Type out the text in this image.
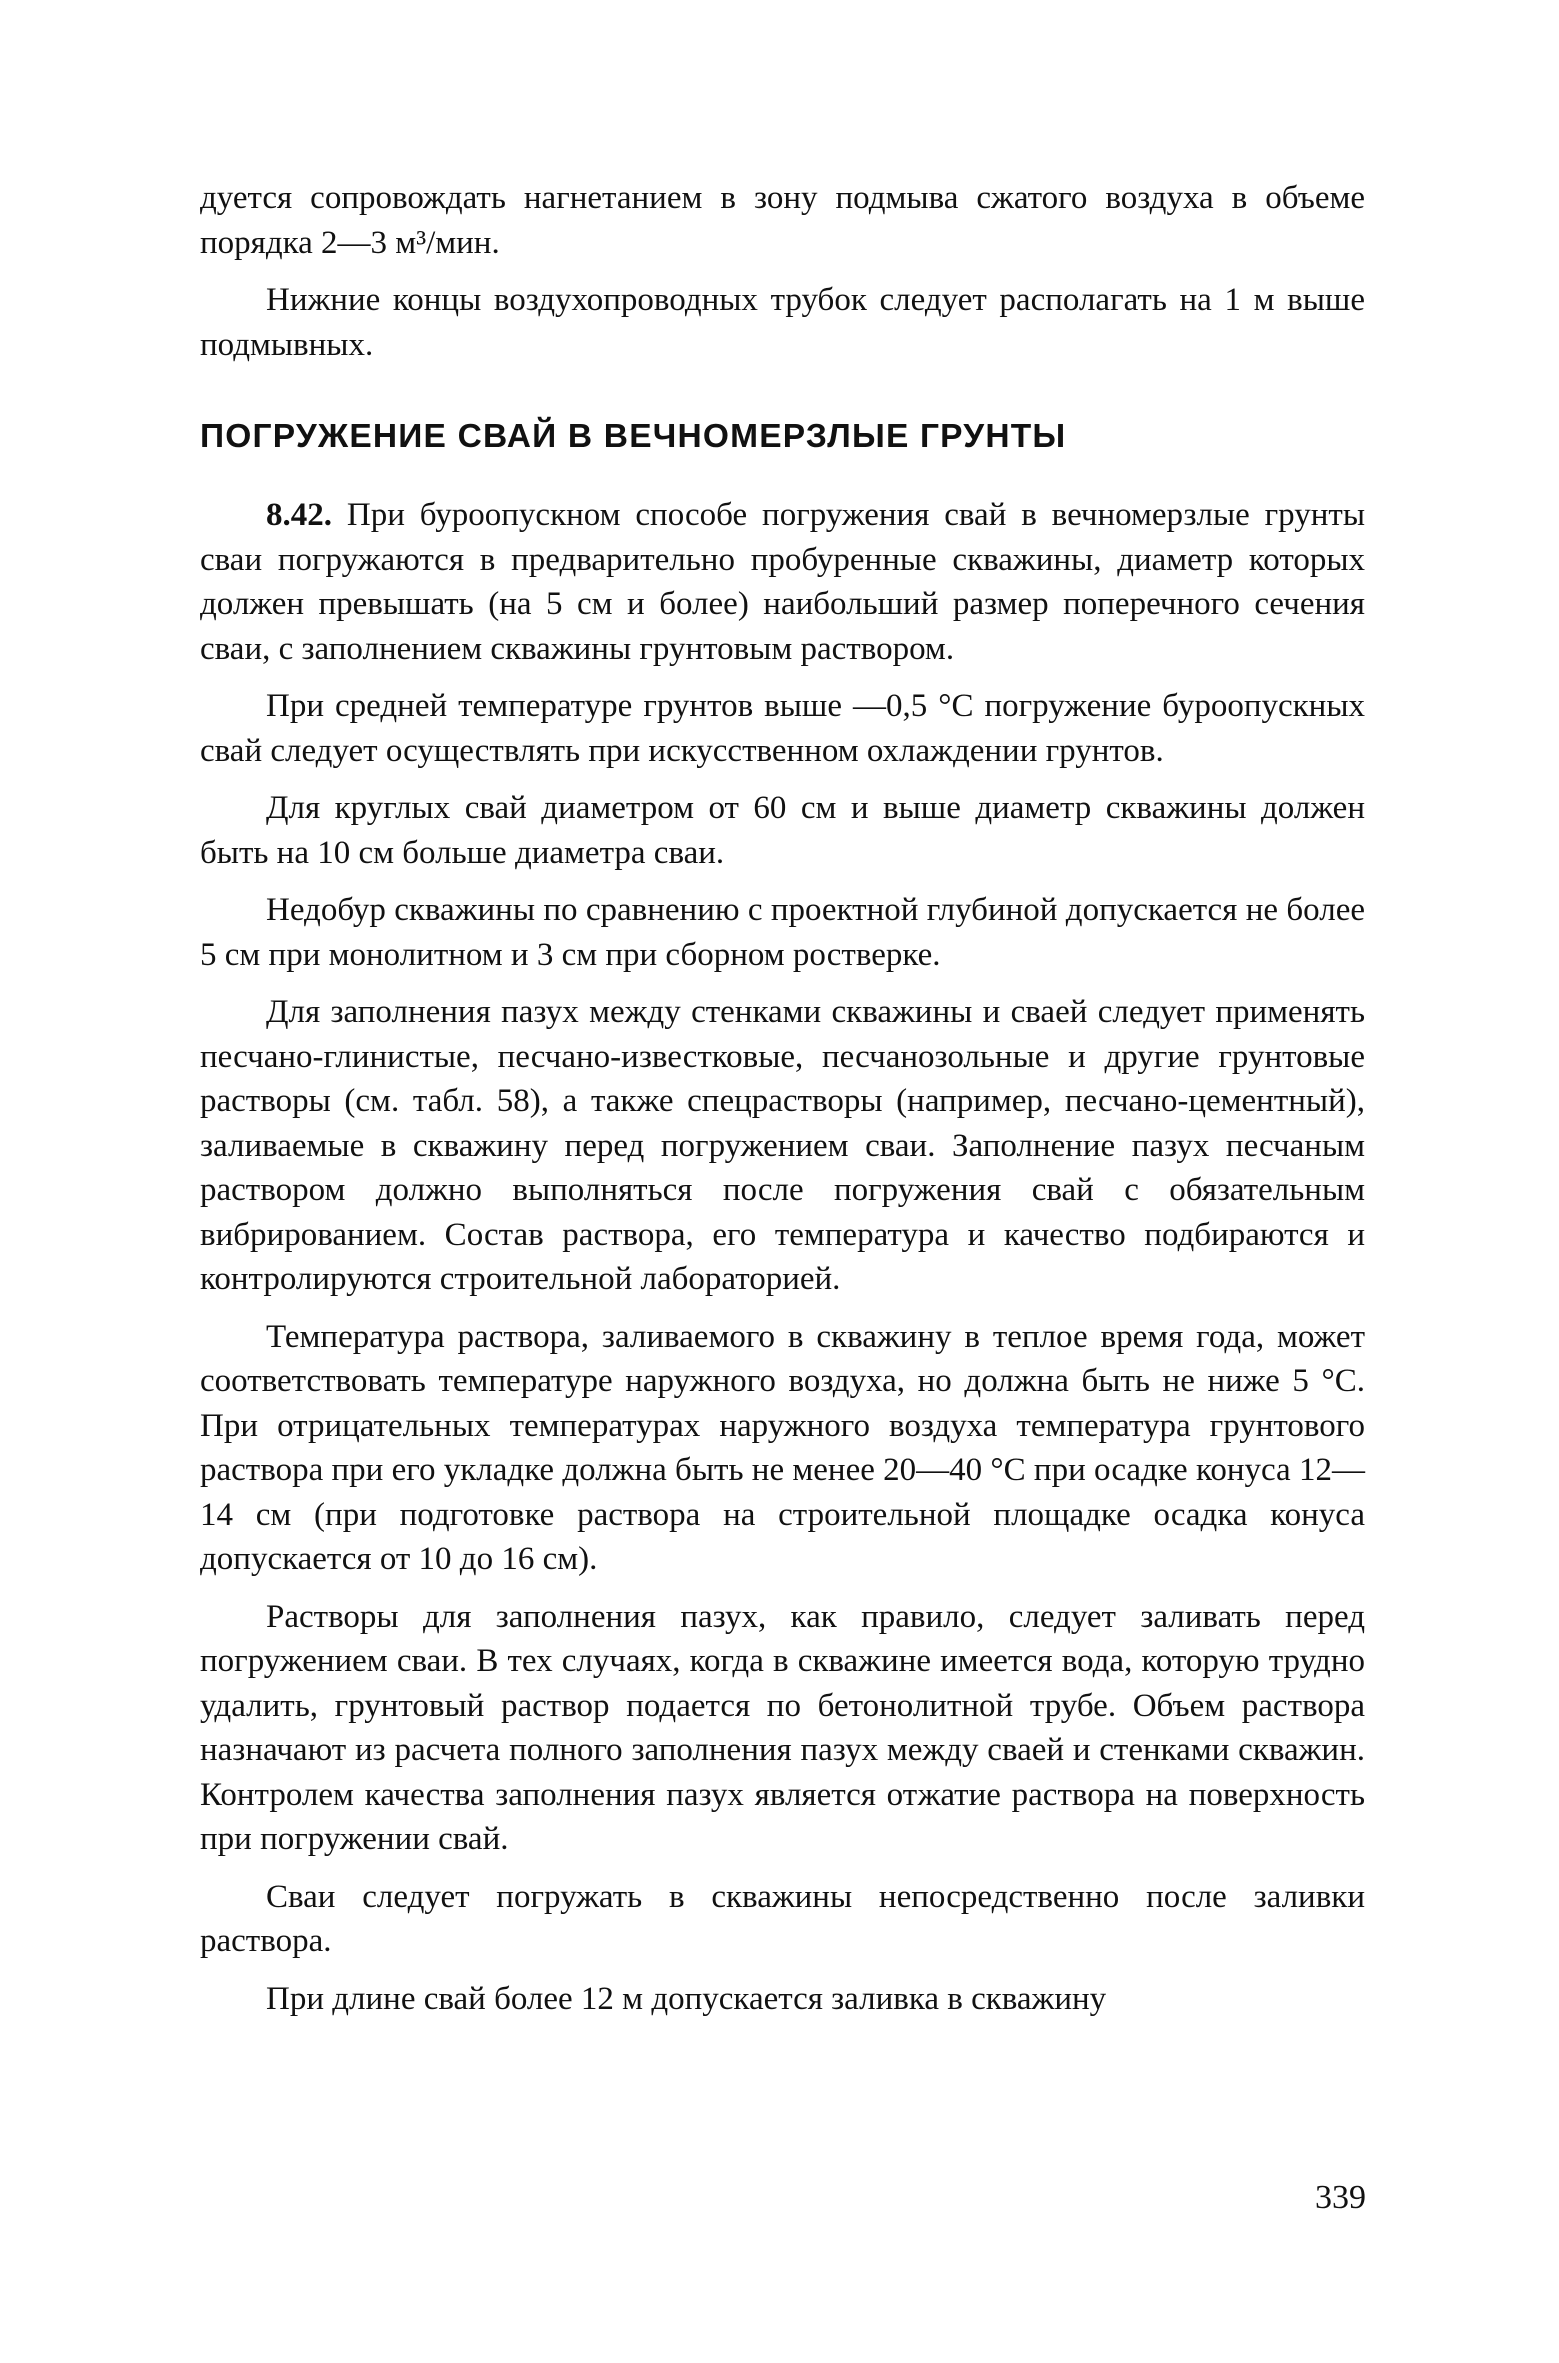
дуется сопровождать нагнетанием в зону подмыва сжатого воздуха в объеме порядка 2—3 м³/мин.

Нижние концы воздухопроводных трубок следует располагать на 1 м выше подмывных.

ПОГРУЖЕНИЕ СВАЙ В ВЕЧНОМЕРЗЛЫЕ ГРУНТЫ

8.42. При буроопускном способе погружения свай в вечномерзлые грунты сваи погружаются в предварительно пробуренные скважины, диаметр которых должен превышать (на 5 см и более) наибольший размер поперечного сечения сваи, с заполнением скважины грунтовым раствором.

При средней температуре грунтов выше —0,5 °С погружение буроопускных свай следует осуществлять при искусственном охлаждении грунтов.

Для круглых свай диаметром от 60 см и выше диаметр скважины должен быть на 10 см больше диаметра сваи.

Недобур скважины по сравнению с проектной глубиной допускается не более 5 см при монолитном и 3 см при сборном ростверке.

Для заполнения пазух между стенками скважины и сваей следует применять песчано-глинистые, песчано-известковые, песчанозольные и другие грунтовые растворы (см. табл. 58), а также спецрастворы (например, песчано-цементный), заливаемые в скважину перед погружением сваи. Заполнение пазух песчаным раствором должно выполняться после погружения свай с обязательным вибрированием. Состав раствора, его температура и качество подбираются и контролируются строительной лабораторией.

Температура раствора, заливаемого в скважину в теплое время года, может соответствовать температуре наружного воздуха, но должна быть не ниже 5 °С. При отрицательных температурах наружного воздуха температура грунтового раствора при его укладке должна быть не менее 20—40 °С при осадке конуса 12—14 см (при подготовке раствора на строительной площадке осадка конуса допускается от 10 до 16 см).

Растворы для заполнения пазух, как правило, следует заливать перед погружением сваи. В тех случаях, когда в скважине имеется вода, которую трудно удалить, грунтовый раствор подается по бетонолитной трубе. Объем раствора назначают из расчета полного заполнения пазух между сваей и стенками скважин. Контролем качества заполнения пазух является отжатие раствора на поверхность при погружении свай.

Сваи следует погружать в скважины непосредственно после заливки раствора.

При длине свай более 12 м допускается заливка в скважину

339
